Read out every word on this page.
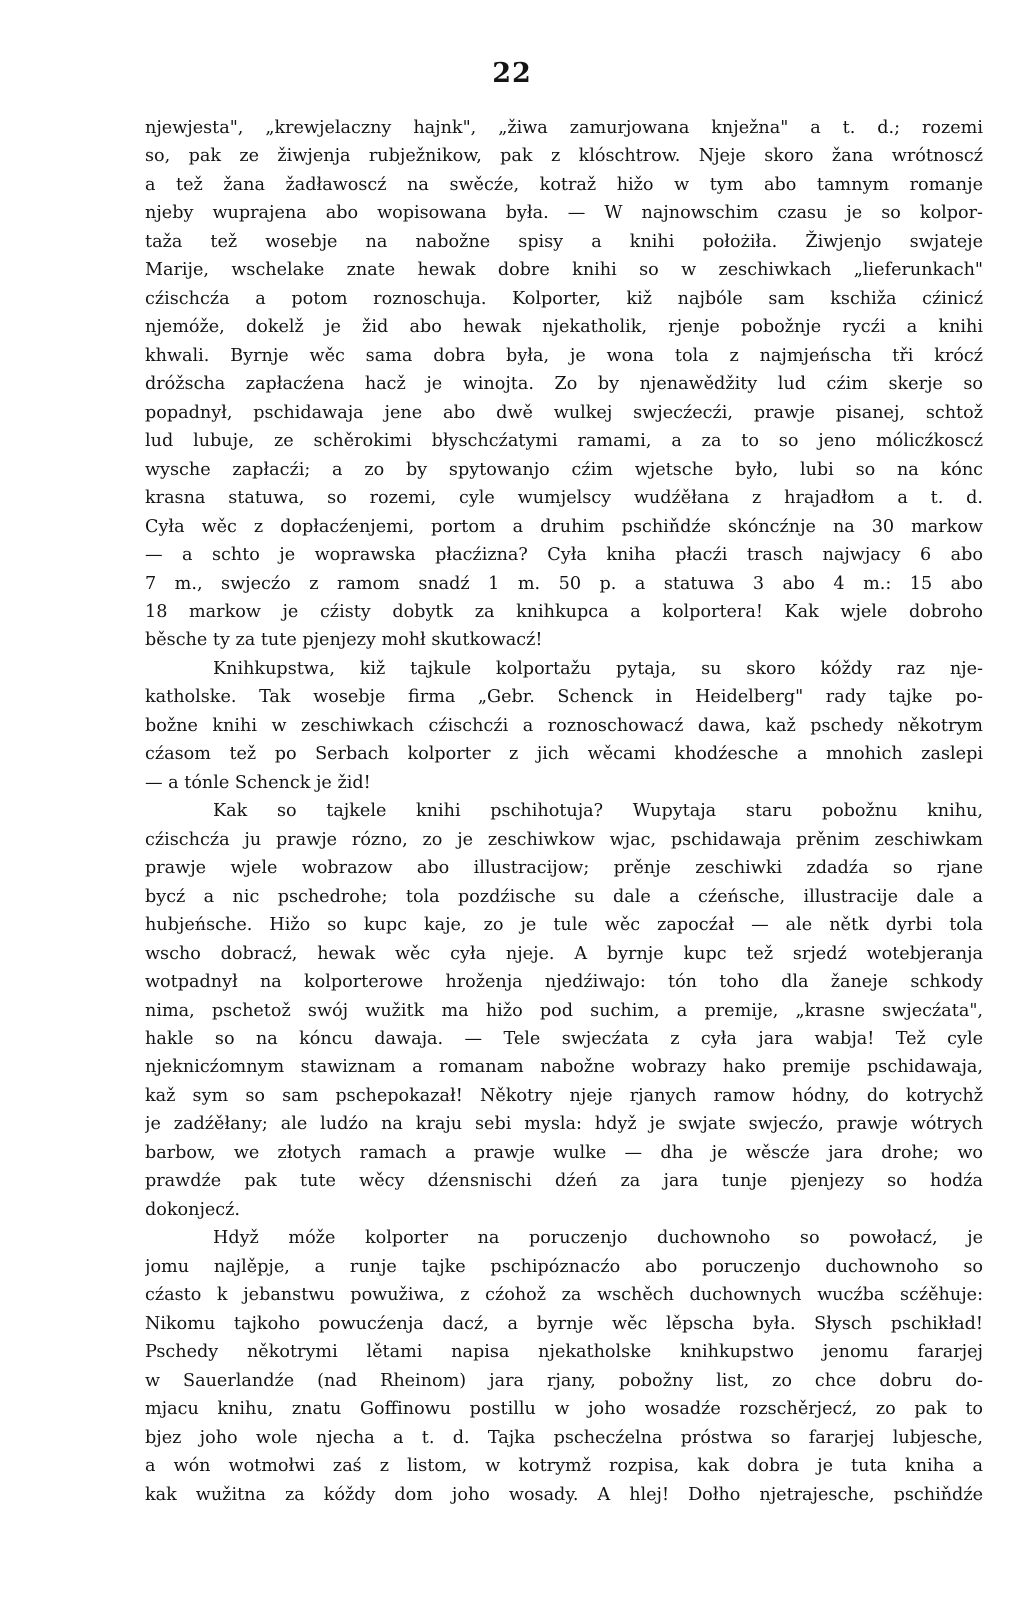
22
njewjesta", „krewjelaczny hajnk", „žiwa zamurjowana knježna" a t. d.; rozemi
so, pak ze žiwjenja rubježnikow, pak z klóschtrow. Njeje skoro žana wrótnoscź
a tež žana žadławoscź na swěcźe, kotraž hižo w tym abo tamnym romanje
njeby wuprajena abo wopisowana była. — W najnowschim czasu je so kolpor-
taža tež wosebje na nabožne spisy a knihi położiła. Žiwjenjo swjateje
Marije, wschelake znate hewak dobre knihi so w zeschiwkach „lieferunkach"
cźischcźa a potom roznoschuja. Kolporter, kiž najbóle sam kschiža cźinicź
njemóže, dokelž je žid abo hewak njekatholik, rjenje pobožnje rycźi a knihi
khwali. Byrnje wěc sama dobra była, je wona tola z najmjeńscha tři krócź
dróžscha zapłacźena hacž je winojta. Zo by njenawědžity lud cźim skerje so
popadnył, pschidawaja jene abo dwě wulkej swjecźecźi, prawje pisanej, schtož
lud lubuje, ze schěrokimi błyschcźatymi ramami, a za to so jeno mólicźkoscź
wysche zapłacźi; a zo by spytowanjo cźim wjetsche było, lubi so na kónc
krasna statuwa, so rozemi, cyle wumjelscy wudźěłana z hrajadłom a t. d.
Cyła wěc z dopłacźenjemi, portom a druhim pschiňdźe skóncźnje na 30 markow
— a schto je woprawska płacźizna? Cyła kniha płacźi trasch najwjacy 6 abo
7 m., swjecźo z ramom snadź 1 m. 50 p. a statuwa 3 abo 4 m.: 15 abo
18 markow je cźisty dobytk za knihkupca a kolportera! Kak wjele dobroho
běsche ty za tute pjenjezy mohł skutkowacź!
Knihkupstwa, kiž tajkule kolportažu pytaja, su skoro kóždy raz nje-
katholske. Tak wosebje firma „Gebr. Schenck in Heidelberg" rady tajke po-
božne knihi w zeschiwkach cźischcźi a roznoschowacź dawa, kaž pschedy někotrym
cźasom tež po Serbach kolporter z jich wěcami khodźesche a mnohich zaslepi
— a tónle Schenck je žid!
Kak so tajkele knihi pschihotuja? Wupytaja staru pobožnu knihu,
cźischcźa ju prawje rózno, zo je zeschiwkow wjac, pschidawaja prěnim zeschiwkam
prawje wjele wobrazow abo illustracijow; prěnje zeschiwki zdadźa so rjane
bycź a nic pschedrohe; tola pozdźische su dale a cźeńsche, illustracije dale a
hubjeńsche. Hižo so kupc kaje, zo je tule wěc zapocźał — ale nětk dyrbi tola
wscho dobracź, hewak wěc cyła njeje. A byrnje kupc tež srjedź wotebjeranja
wotpadnył na kolporterowe hroženja njedźiwajo: tón toho dla žaneje schkody
nima, pschetož swój wužitk ma hižo pod suchim, a premije, „krasne swjecźata",
hakle so na kóncu dawaja. — Tele swjecźata z cyła jara wabja! Tež cyle
njeknicźomnym stawiznam a romanam nabožne wobrazy hako premije pschidawaja,
kaž sym so sam pschepokazał! Někotry njeje rjanych ramow hódny, do kotrychž
je zadźěłany; ale ludźo na kraju sebi mysla: hdyž je swjate swjecźo, prawje wótrych
barbow, we złotych ramach a prawje wulke — dha je wěscźe jara drohe; wo
prawdźe pak tute wěcy dźensnischi dźeń za jara tunje pjenjezy so hodźa
dokonjecź.
Hdyž móže kolporter na poruczenjo duchownoho so powołacź, je
jomu najlěpje, a runje tajke pschipóznacźo abo poruczenjo duchownoho so
cźasto k jebanstwu powužiwa, z cźohož za wschěch duchownych wucźba scźěhuje:
Nikomu tajkoho powucźenja dacź, a byrnje wěc lěpscha była. Słysch pschikład!
Pschedy někotrymi lětami napisa njekatholske knihkupstwo jenomu fararjej
w Sauerlandźe (nad Rheinom) jara rjany, pobožny list, zo chce dobru do-
mjacu knihu, znatu Goffinowu postillu w joho wosadźe rozschěrjecź, zo pak to
bjez joho wole njecha a t. d. Tajka pschecźelna próstwa so fararjej lubjesche,
a wón wotmołwi zaś z listom, w kotrymž rozpisa, kak dobra je tuta kniha a
kak wužitna za kóždy dom joho wosady. A hlej! Dołho njetrajesche, pschiňdźe
